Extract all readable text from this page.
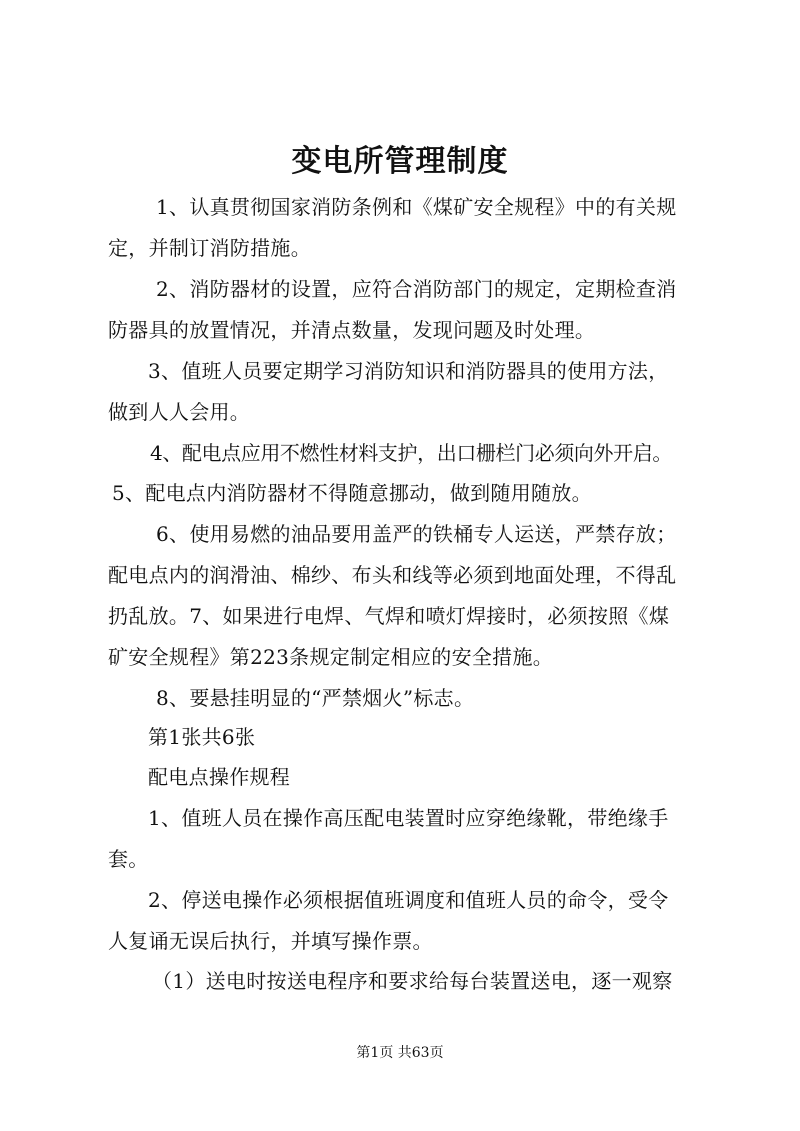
变电所管理制度

1、认真贯彻国家消防条例和《煤矿安全规程》中的有关规

定，并制订消防措施。

2、消防器材的设置，应符合消防部门的规定，定期检查消

防器具的放置情况，并清点数量，发现问题及时处理。

3、值班人员要定期学习消防知识和消防器具的使用方法，

做到人人会用。

4、配电点应用不燃性材料支护，出口栅栏门必须向外开启。

5、配电点内消防器材不得随意挪动，做到随用随放。

6、使用易燃的油品要用盖严的铁桶专人运送，严禁存放；

配电点内的润滑油、棉纱、布头和线等必须到地面处理，不得乱

扔乱放。7、如果进行电焊、气焊和喷灯焊接时，必须按照《煤

矿安全规程》第223条规定制定相应的安全措施。

8、要悬挂明显的“严禁烟火”标志。

第1张共6张

配电点操作规程

1、值班人员在操作高压配电装置时应穿绝缘靴，带绝缘手

套。

2、停送电操作必须根据值班调度和值班人员的命令，受令

人复诵无误后执行，并填写操作票。

（1）送电时按送电程序和要求给每台装置送电，逐一观察

第1页 共63页
